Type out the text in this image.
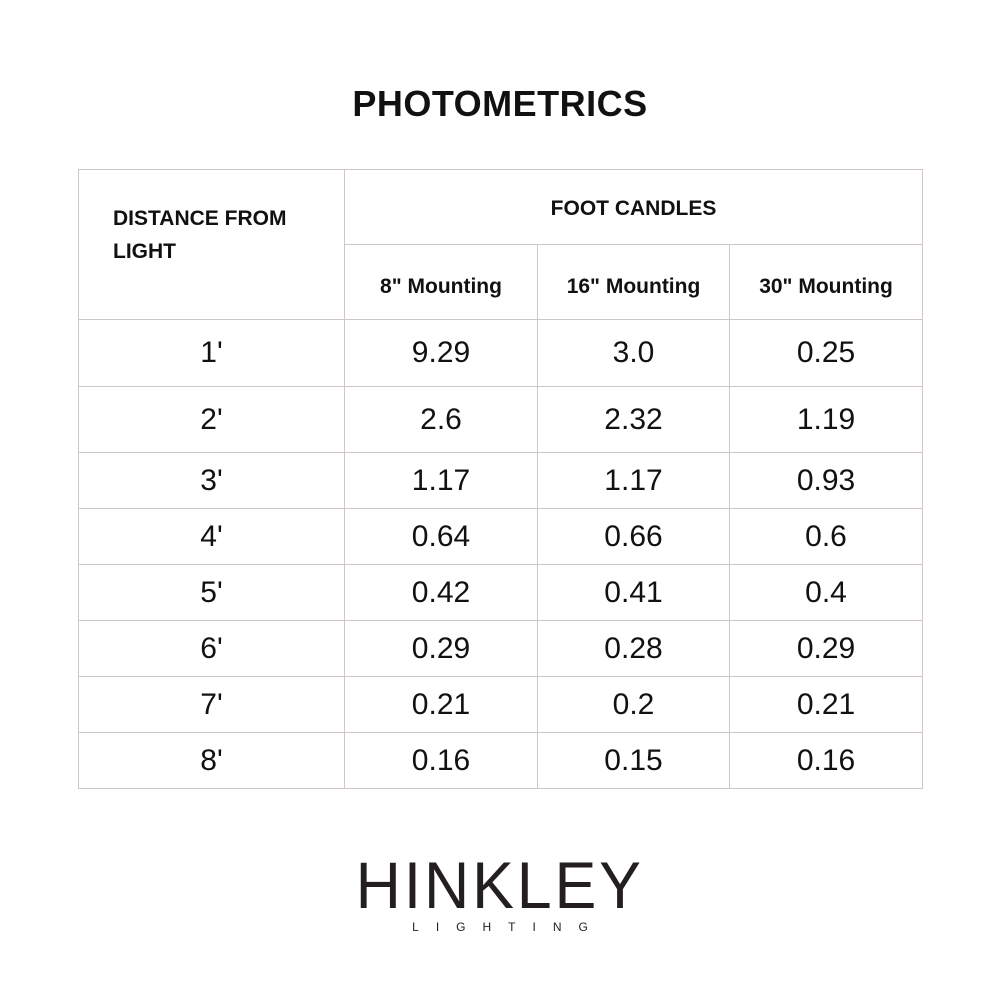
PHOTOMETRICS
DISTANCE FROM LIGHT	FOOT CANDLES		
	8" Mounting	16" Mounting	30" Mounting
1'	9.29	3.0	0.25
2'	2.6	2.32	1.19
3'	1.17	1.17	0.93
4'	0.64	0.66	0.6
5'	0.42	0.41	0.4
6'	0.29	0.28	0.29
7'	0.21	0.2	0.21
8'	0.16	0.15	0.16
HINKLEY
LIGHTING
